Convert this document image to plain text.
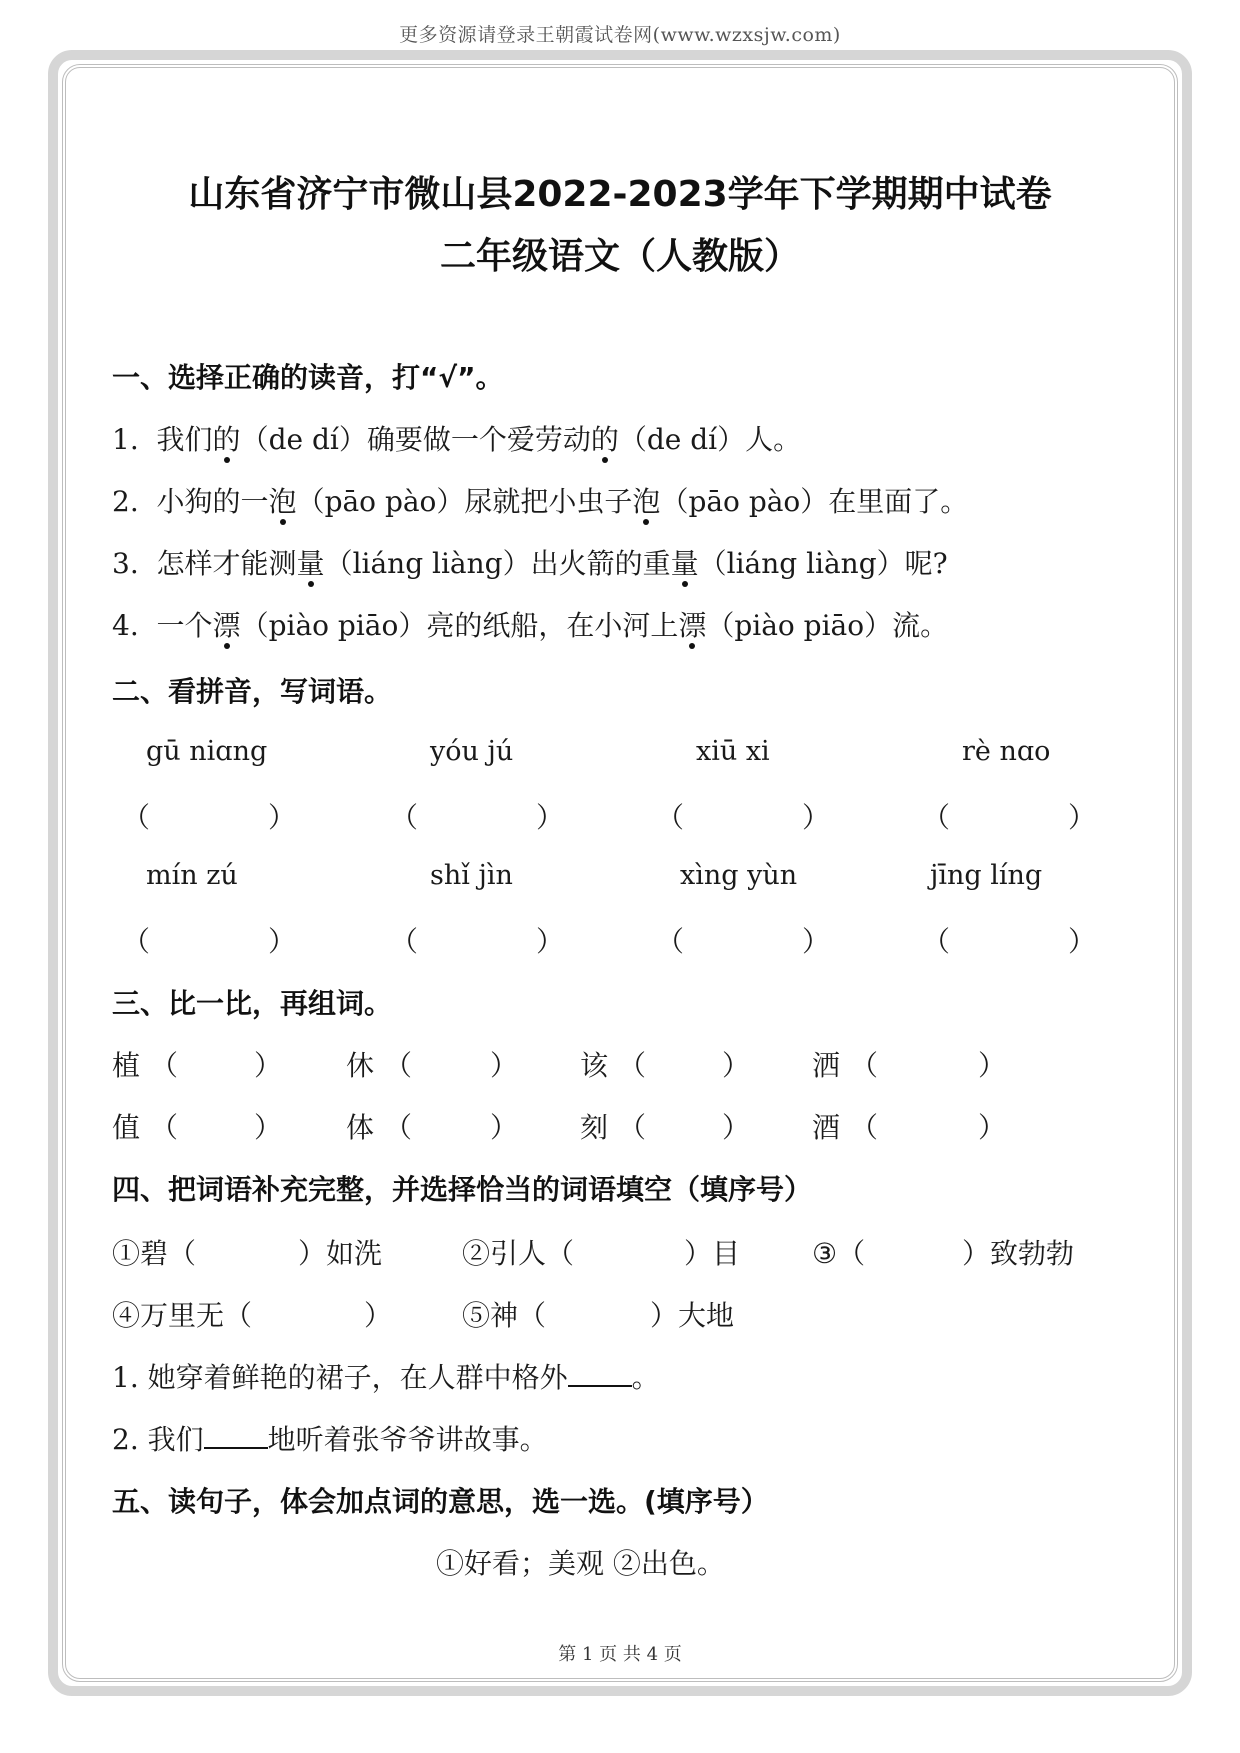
更多资源请登录王朝霞试卷网(www.wzxsjw.com)
山东省济宁市微山县2022-2023学年下学期期中试卷
二年级语文（人教版）
一、选择正确的读音，打“√”。
1. 我们的（de dí）确要做一个爱劳动的（de dí）人。
2. 小狗的一泡（pāo pào）尿就把小虫子泡（pāo pào）在里面了。
3. 怎样才能测量（liáng liàng）出火箭的重量（liáng liàng）呢?
4. 一个漂（piào piāo）亮的纸船，在小河上漂（piào piāo）流。
二、看拼音，写词语。
gū niɑng	yóu jú	xiū xi	rè nɑo
（	）	（	）	（	）	（	）
mín zú	shǐ jìn	xìng yùn	jīng líng
（	）	（	）	（	）	（	）
三、比一比，再组词。
植 （	） 休 （	） 该 （	） 洒 （	）
值 （	） 体 （	） 刻 （	） 酒 （	）
四、把词语补充完整，并选择恰当的词语填空（填序号）
①碧（	）如洗	②引人（	）目	③（	）致勃勃
④万里无（	） ⑤神（	）大地
1. 她穿着鲜艳的裙子，在人群中格外 。
2. 我们 地听着张爷爷讲故事。
五、读句子，体会加点词的意思，选一选。(填序号）
①好看；美观 ②出色。
第 1 页 共 4 页
